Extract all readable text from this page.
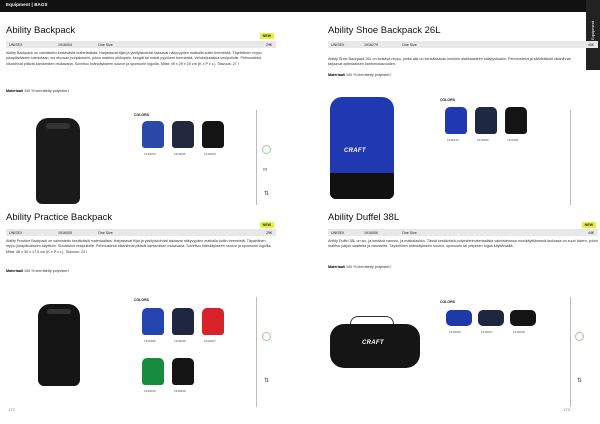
Equipment | BAGS
Equipment
Ability Backpack	NEW
UNISEX	1916004	One Size	29€
Ability Backpack on valmistettu kestävästä materiaalista. Harjastavat tiljat ja yksityiskohdat takaavat näkyvyyden matkalla kotiin treeneistä. Täydellinen reppu jokapäiväiseen toimintaan, iso etuosan pohjakeskiri, johon mahtuu pikkupalo, kengät tai märät pyyhkeet treeneistä. Vetoketjutaskut vesipullolle. Pehmustetut olkahihnat pitävät kantamisen mukavana. Soveltuu brändäykseen source ja sponsorin logoilla. Mitat: 49 x 29 x 20 cm (K x P x L). Tilavuus: 27 l
Materiaali 100 % kierrätetty polyesteri
COLORS
1916004	1916005	1916006
∞
⇅
Ability Shoe Backpack 26L
UNISEX	1916279	One Size	45€
Ability Shoe Backpack 26L on kestävä reppu, jonka alla on kenkäkaavan kenkien alakkaasteen säilytyskaarin. Pehmustetut ja säädettävät olkahihnat tarjoavat optimaalisen kantomukavuuden.
Materiaali 100 % kierrätetty polyesteri
CRAFT
COLORS
1916279	1916280	1916281
Ability Practice Backpack
NEW
UNISEX	1916005	One Size	25€
Ability Practice Backpack on valmistettu kestävästä materiaalista. Harjastavat tiljat ja yksityiskohdat takaavat näkyvyyden matkalla kotiin treeneistä. Täydellinen reppu jokapäiväiseen käyttöön. Sivutaskut vesipullolle. Pehmustetut olkahihnat pitävät kantamisen mukavana. Soveltuu brändäykseen source ja sponsorin logoilla. Mitat: 48 x 30 x 17,5 cm (K x P x L). Tilavuus: 24 l
Materiaali 100 % kierrätetty polyesteri
COLORS
1916005	1916006	1916007
1916008	1916009
⇅
Ability Duffel 38L
NEW
UNISEX	1916006	One Size	44€
Ability Duffel 38L on iso, ja kestävä varusto- ja matkalaukku. Tässä kestävästä polyesterimateriaalista valmistetussa monikäyttöisessä laukussa on suuri lokero, johon mahtuu paljon saattelta ja varusteita. Täydellinen brändäykseen source, sponsorin tai yrityksen logoa käyttämällä.
Materiaali 100 % kierrätetty polyesteri
CRAFT
COLORS
1916006	1916007	1916008
⇅
172	173
